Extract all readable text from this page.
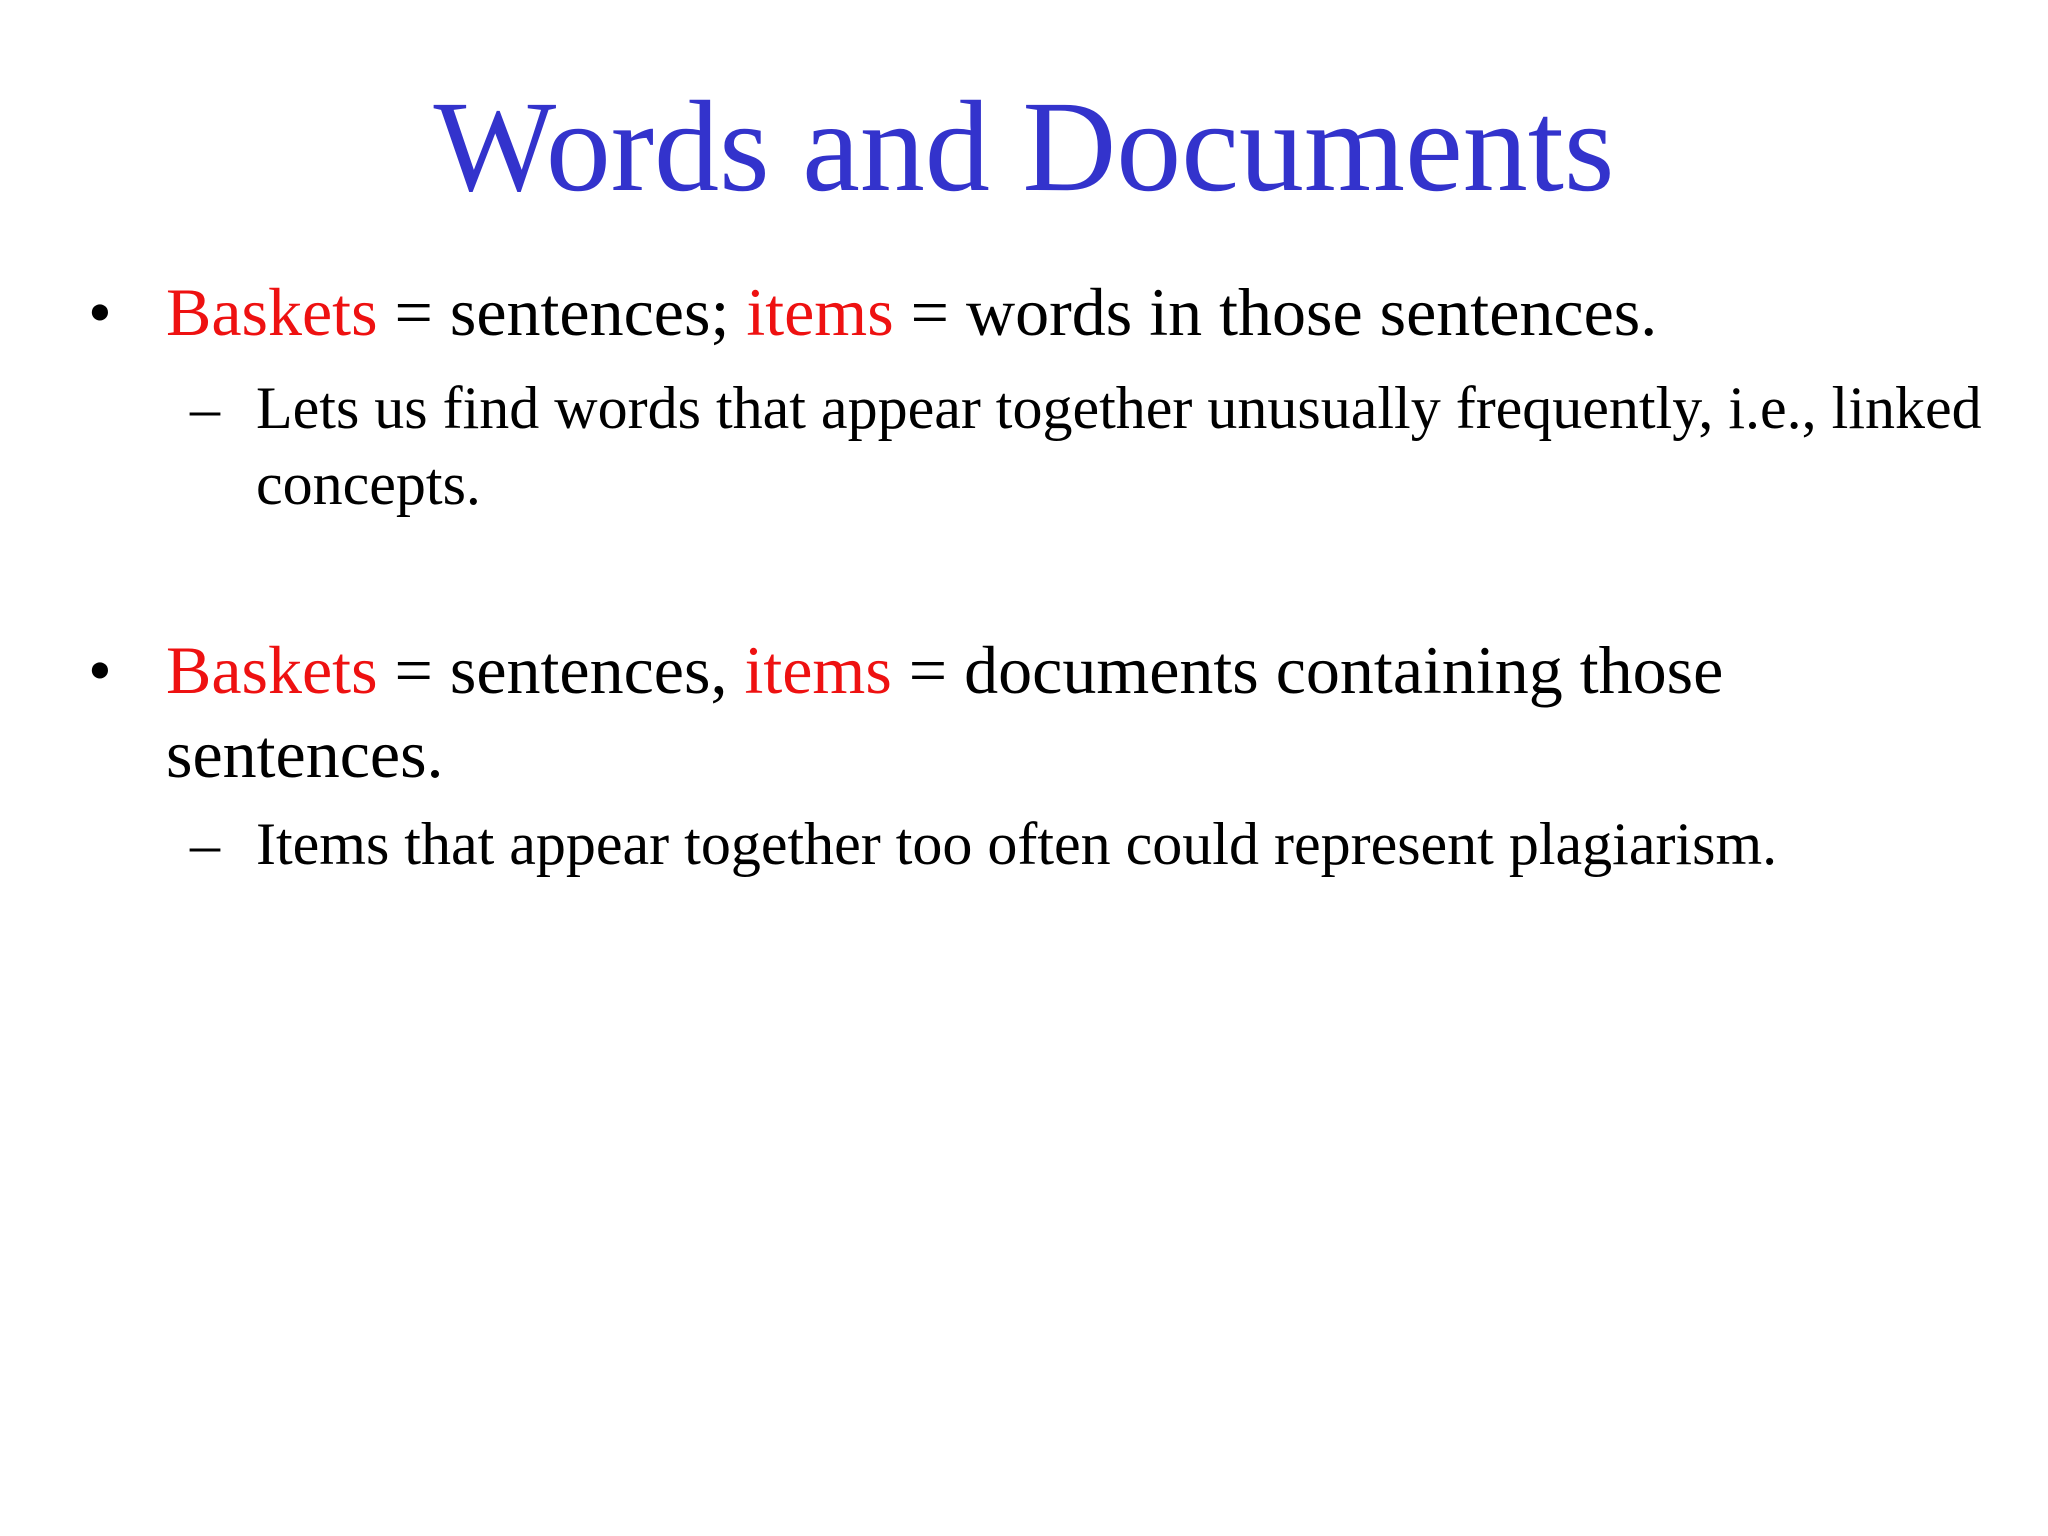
Words and Documents
• Baskets = sentences; items = words in those sentences.
– Lets us find words that appear together unusually frequently, i.e., linked concepts.
• Baskets = sentences, items = documents containing those sentences.
– Items that appear together too often could represent plagiarism.
